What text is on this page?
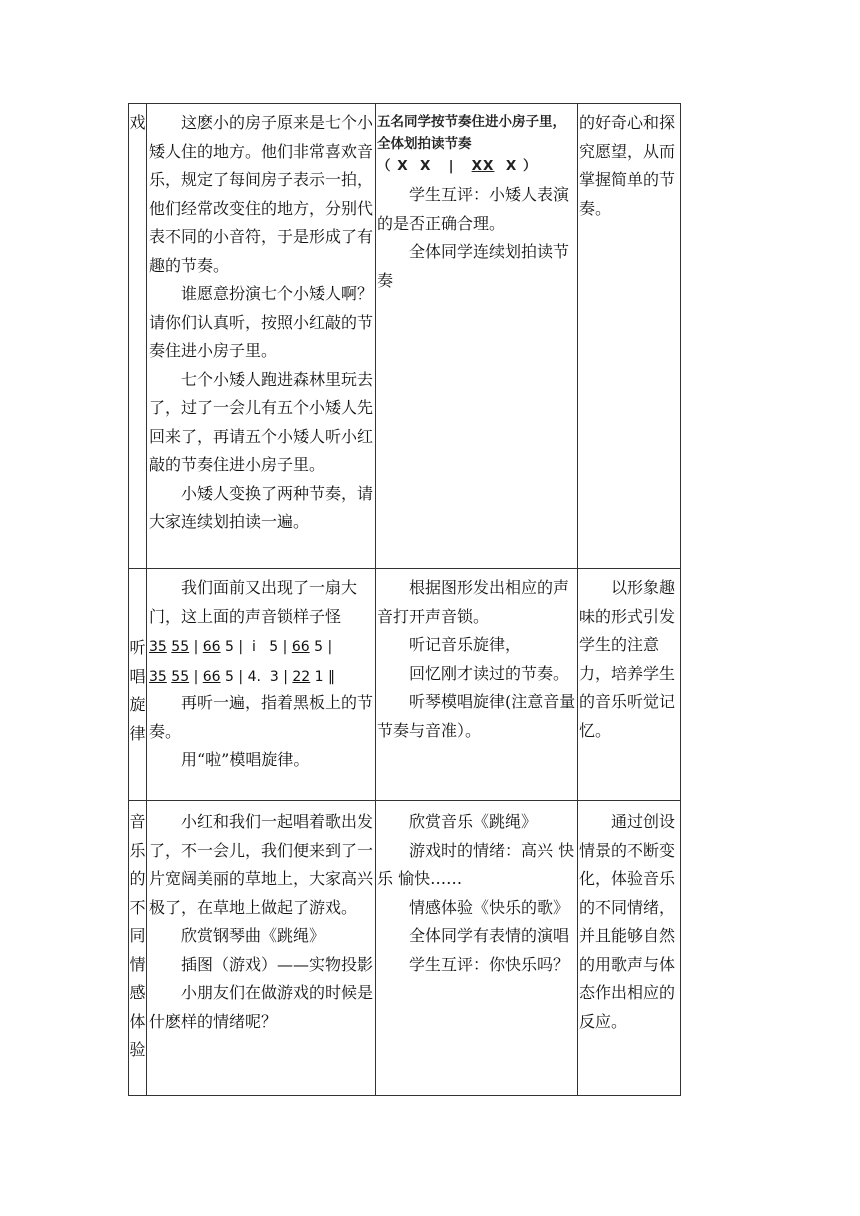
戏	这麽小的房子原来是七个小矮人住的地方。他们非常喜欢音乐，规定了每间房子表示一拍，他们经常改变住的地方，分别代表不同的小音符，于是形成了有趣的节奏。

谁愿意扮演七个小矮人啊？请你们认真听，按照小红敲的节奏住进小房子里。

七个小矮人跑进森林里玩去了，过了一会儿有五个小矮人先回来了，再请五个小矮人听小红敲的节奏住进小房子里。

小矮人变换了两种节奏，请大家连续划拍读一遍。

五名同学按节奏住进小房子里，全体划拍读节奏
（ X X | XX X ）

学生互评：小矮人表演的是否正确合理。

全体同学连续划拍读节奏

的好奇心和探究愿望，从而掌握简单的节奏。
听
唱
旋
律

我们面前又出现了一扇大门，这上面的声音锁样子怪

35 55 | 66 5 | i 5 | 66 5 |
35 55 | 66 5 | 4. 3 | 22 1 ‖

再听一遍，指着黑板上的节奏。

用“啦”模唱旋律。

根据图形发出相应的声音打开声音锁。

听记音乐旋律，

回忆刚才读过的节奏。

听琴模唱旋律(注意音量节奏与音准）。

以形象趣味的形式引发学生的注意力，培养学生的音乐听觉记忆。
音
乐
的
不
同
情
感
体
验

小红和我们一起唱着歌出发了，不一会儿，我们便来到了一片宽阔美丽的草地上，大家高兴极了，在草地上做起了游戏。

欣赏钢琴曲《跳绳》

插图（游戏）——实物投影

小朋友们在做游戏的时候是什麽样的情绪呢？

欣赏音乐《跳绳》

游戏时的情绪：高兴 快乐 愉快……

情感体验《快乐的歌》

全体同学有表情的演唱

学生互评：你快乐吗？

通过创设情景的不断变化，体验音乐的不同情绪，并且能够自然的用歌声与体态作出相应的反应。
